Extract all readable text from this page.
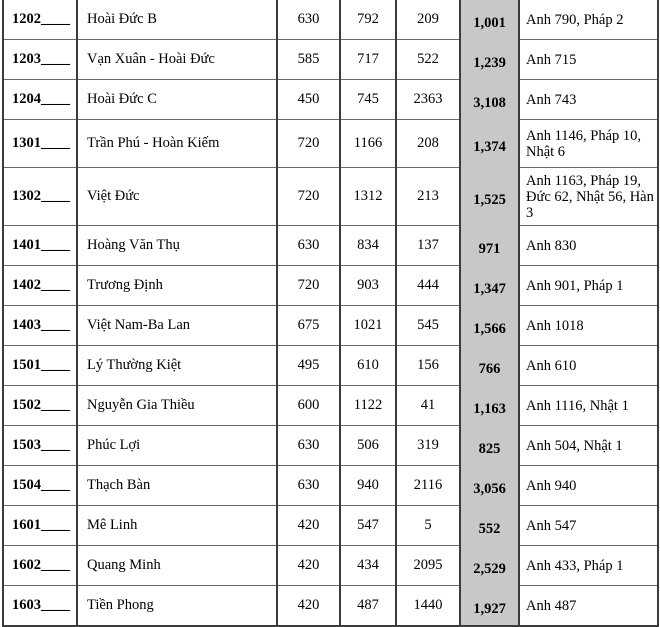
1202____	Hoài Đức B	630	792	209	1,001	Anh 790, Pháp 2
1203____	Vạn Xuân - Hoài Đức	585	717	522	1,239	Anh 715
1204____	Hoài Đức C	450	745	2363	3,108	Anh 743
1301____	Trần Phú - Hoàn Kiếm	720	1166	208	1,374	Anh 1146, Pháp 10, Nhật 6
1302____	Việt Đức	720	1312	213	1,525	Anh 1163, Pháp 19, Đức 62, Nhật 56, Hàn 3
1401____	Hoàng Văn Thụ	630	834	137	971	Anh 830
1402____	Trương Định	720	903	444	1,347	Anh 901, Pháp 1
1403____	Việt Nam-Ba Lan	675	1021	545	1,566	Anh 1018
1501____	Lý Thường Kiệt	495	610	156	766	Anh 610
1502____	Nguyễn Gia Thiều	600	1122	41	1,163	Anh 1116, Nhật 1
1503____	Phúc Lợi	630	506	319	825	Anh 504, Nhật 1
1504____	Thạch Bàn	630	940	2116	3,056	Anh 940
1601____	Mê Linh	420	547	5	552	Anh 547
1602____	Quang Minh	420	434	2095	2,529	Anh 433, Pháp 1
1603____	Tiền Phong	420	487	1440	1,927	Anh 487
